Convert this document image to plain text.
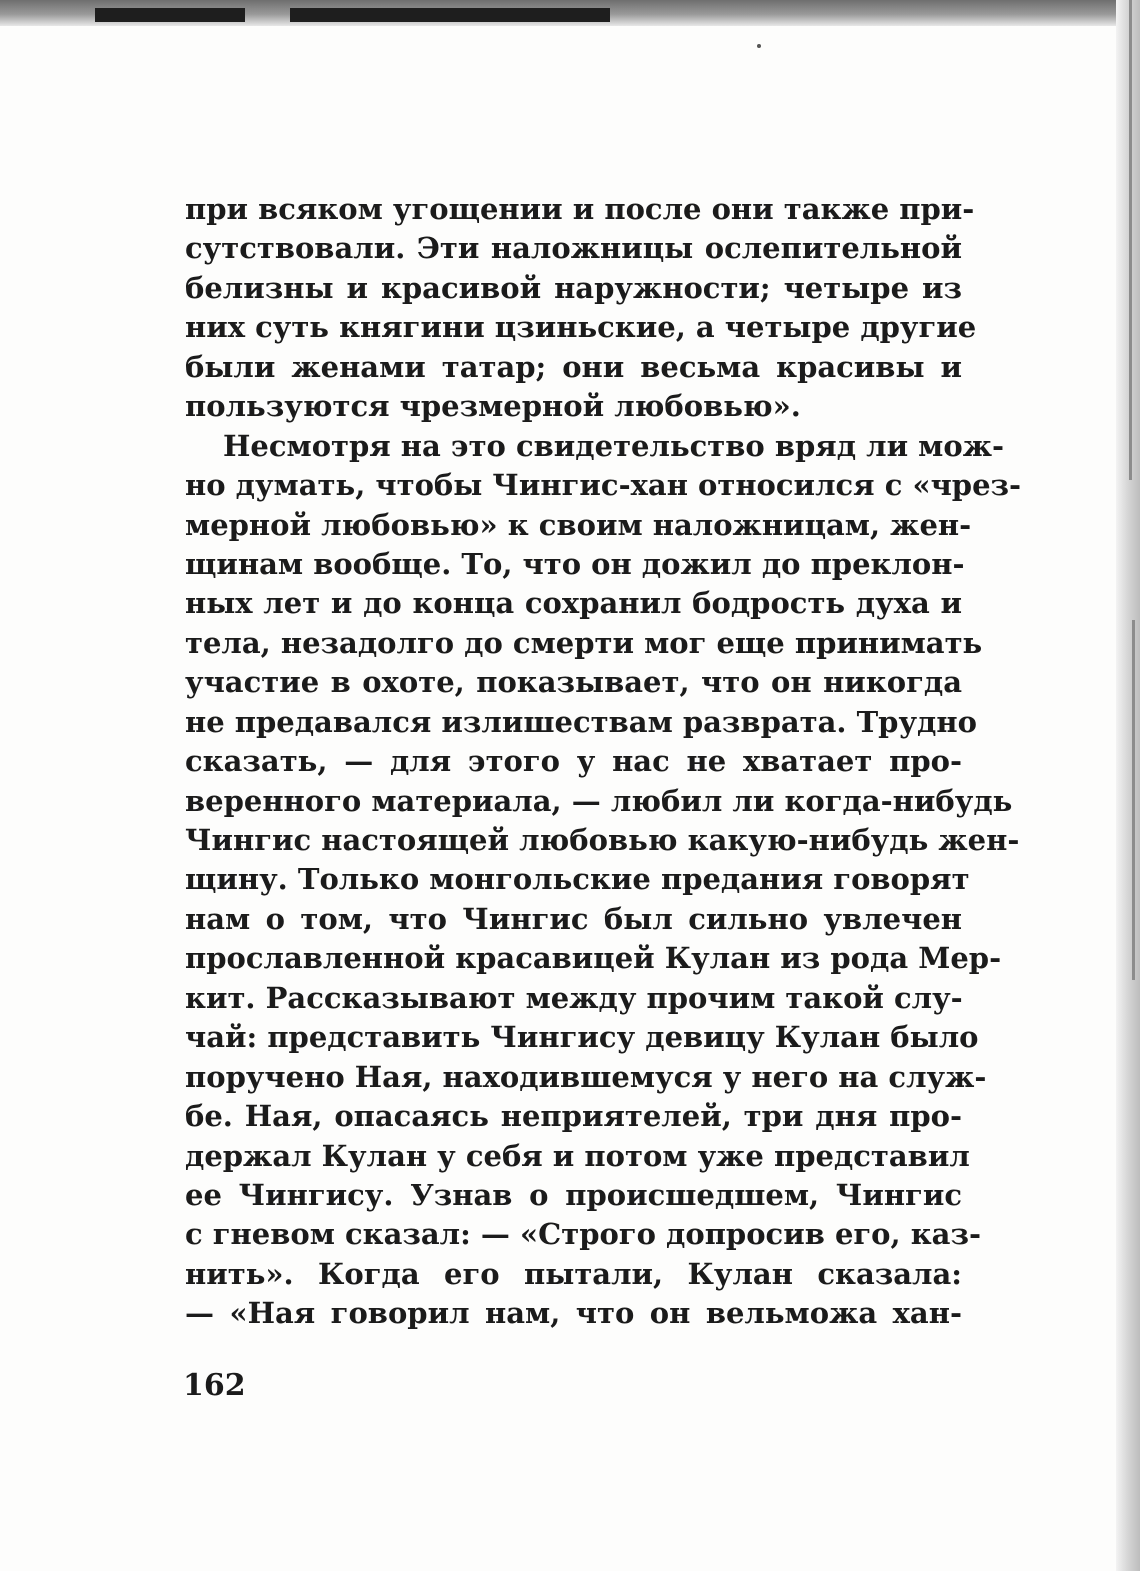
при всяком угощении и после они также при-
сутствовали. Эти наложницы ослепительной
белизны и красивой наружности; четыре из
них суть княгини цзиньские, а четыре другие
были женами татар; они весьма красивы и
пользуются чрезмерной любовью».
Несмотря на это свидетельство вряд ли мож-
но думать, чтобы Чингис-хан относился с «чрез-
мерной любовью» к своим наложницам, жен-
щинам вообще. То, что он дожил до преклон-
ных лет и до конца сохранил бодрость духа и
тела, незадолго до смерти мог еще принимать
участие в охоте, показывает, что он никогда
не предавался излишествам разврата. Трудно
сказать, — для этого у нас не хватает про-
веренного материала, — любил ли когда-нибудь
Чингис настоящей любовью какую-нибудь жен-
щину. Только монгольские предания говорят
нам о том, что Чингис был сильно увлечен
прославленной красавицей Кулан из рода Мер-
кит. Рассказывают между прочим такой слу-
чай: представить Чингису девицу Кулан было
поручено Ная, находившемуся у него на служ-
бе. Ная, опасаясь неприятелей, три дня про-
держал Кулан у себя и потом уже представил
ее Чингису. Узнав о происшедшем, Чингис
с гневом сказал: — «Строго допросив его, каз-
нить». Когда его пытали, Кулан сказала:
— «Ная говорил нам, что он вельможа хан-
162
